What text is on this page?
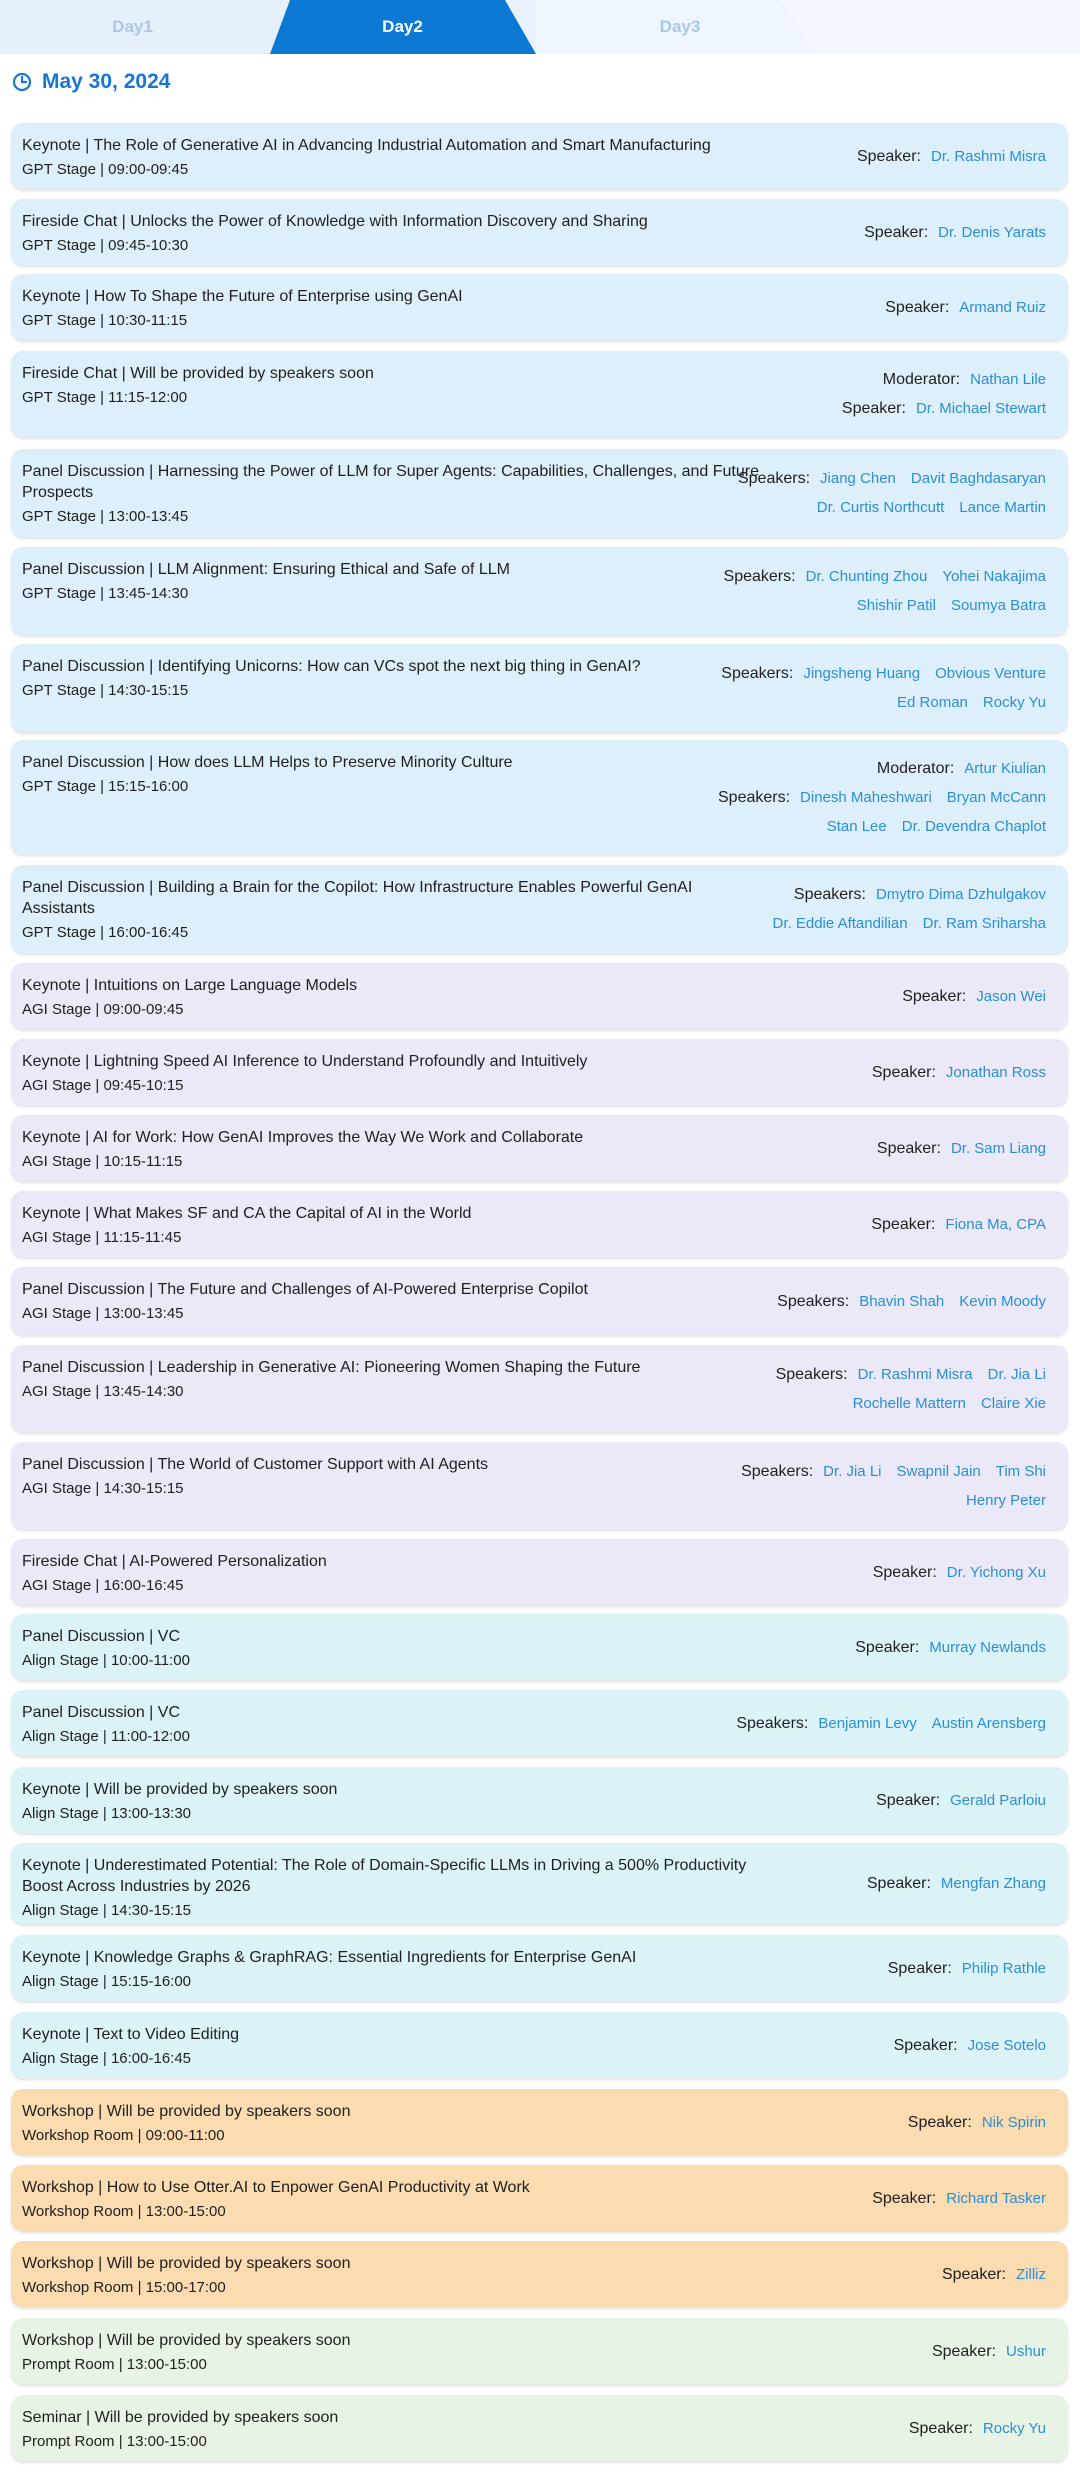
Day1	Day2	Day3
May 30, 2024
Keynote | The Role of Generative AI in Advancing Industrial Automation and Smart Manufacturing
GPT Stage | 09:00-09:45
Speaker: Dr. Rashmi Misra
Fireside Chat | Unlocks the Power of Knowledge with Information Discovery and Sharing
GPT Stage | 09:45-10:30
Speaker: Dr. Denis Yarats
Keynote | How To Shape the Future of Enterprise using GenAI
GPT Stage | 10:30-11:15
Speaker: Armand Ruiz
Fireside Chat | Will be provided by speakers soon
GPT Stage | 11:15-12:00
Moderator: Nathan Lile
Speaker: Dr. Michael Stewart
Panel Discussion | Harnessing the Power of LLM for Super Agents: Capabilities, Challenges, and Future Prospects
GPT Stage | 13:00-13:45
Speakers: Jiang Chen Davit Baghdasaryan
Dr. Curtis Northcutt Lance Martin
Panel Discussion | LLM Alignment: Ensuring Ethical and Safe of LLM
GPT Stage | 13:45-14:30
Speakers: Dr. Chunting Zhou Yohei Nakajima
Shishir Patil Soumya Batra
Panel Discussion | Identifying Unicorns: How can VCs spot the next big thing in GenAI?
GPT Stage | 14:30-15:15
Speakers: Jingsheng Huang Obvious Venture
Ed Roman Rocky Yu
Panel Discussion | How does LLM Helps to Preserve Minority Culture
GPT Stage | 15:15-16:00
Moderator: Artur Kiulian
Speakers: Dinesh Maheshwari Bryan McCann
Stan Lee Dr. Devendra Chaplot
Panel Discussion | Building a Brain for the Copilot: How Infrastructure Enables Powerful GenAI Assistants
GPT Stage | 16:00-16:45
Speakers: Dmytro Dima Dzhulgakov
Dr. Eddie Aftandilian Dr. Ram Sriharsha
Keynote | Intuitions on Large Language Models
AGI Stage | 09:00-09:45
Speaker: Jason Wei
Keynote | Lightning Speed AI Inference to Understand Profoundly and Intuitively
AGI Stage | 09:45-10:15
Speaker: Jonathan Ross
Keynote | AI for Work: How GenAI Improves the Way We Work and Collaborate
AGI Stage | 10:15-11:15
Speaker: Dr. Sam Liang
Keynote | What Makes SF and CA the Capital of AI in the World
AGI Stage | 11:15-11:45
Speaker: Fiona Ma, CPA
Panel Discussion | The Future and Challenges of AI-Powered Enterprise Copilot
AGI Stage | 13:00-13:45
Speakers: Bhavin Shah Kevin Moody
Panel Discussion | Leadership in Generative AI: Pioneering Women Shaping the Future
AGI Stage | 13:45-14:30
Speakers: Dr. Rashmi Misra Dr. Jia Li
Rochelle Mattern Claire Xie
Panel Discussion | The World of Customer Support with AI Agents
AGI Stage | 14:30-15:15
Speakers: Dr. Jia Li Swapnil Jain Tim Shi
Henry Peter
Fireside Chat | AI-Powered Personalization
AGI Stage | 16:00-16:45
Speaker: Dr. Yichong Xu
Panel Discussion | VC
Align Stage | 10:00-11:00
Speaker: Murray Newlands
Panel Discussion | VC
Align Stage | 11:00-12:00
Speakers: Benjamin Levy Austin Arensberg
Keynote | Will be provided by speakers soon
Align Stage | 13:00-13:30
Speaker: Gerald Parloiu
Keynote | Underestimated Potential: The Role of Domain-Specific LLMs in Driving a 500% Productivity Boost Across Industries by 2026
Align Stage | 14:30-15:15
Speaker: Mengfan Zhang
Keynote | Knowledge Graphs & GraphRAG: Essential Ingredients for Enterprise GenAI
Align Stage | 15:15-16:00
Speaker: Philip Rathle
Keynote | Text to Video Editing
Align Stage | 16:00-16:45
Speaker: Jose Sotelo
Workshop | Will be provided by speakers soon
Workshop Room | 09:00-11:00
Speaker: Nik Spirin
Workshop | How to Use Otter.AI to Enpower GenAI Productivity at Work
Workshop Room | 13:00-15:00
Speaker: Richard Tasker
Workshop | Will be provided by speakers soon
Workshop Room | 15:00-17:00
Speaker: Zilliz
Workshop | Will be provided by speakers soon
Prompt Room | 13:00-15:00
Speaker: Ushur
Seminar | Will be provided by speakers soon
Prompt Room | 13:00-15:00
Speaker: Rocky Yu
